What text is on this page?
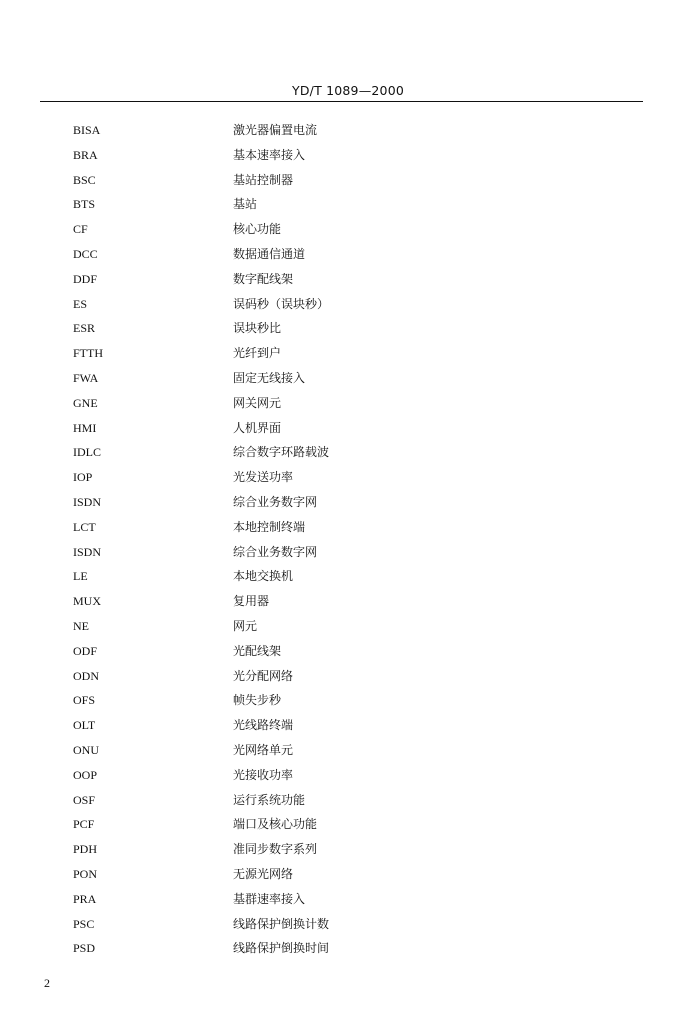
YD/T 1089—2000
BISA	激光器偏置电流
BRA	基本速率接入
BSC	基站控制器
BTS	基站
CF	核心功能
DCC	数据通信通道
DDF	数字配线架
ES	误码秒（误块秒）
ESR	误块秒比
FTTH	光纤到户
FWA	固定无线接入
GNE	网关网元
HMI	人机界面
IDLC	综合数字环路载波
IOP	光发送功率
ISDN	综合业务数字网
LCT	本地控制终端
ISDN	综合业务数字网
LE	本地交换机
MUX	复用器
NE	网元
ODF	光配线架
ODN	光分配网络
OFS	帧失步秒
OLT	光线路终端
ONU	光网络单元
OOP	光接收功率
OSF	运行系统功能
PCF	端口及核心功能
PDH	准同步数字系列
PON	无源光网络
PRA	基群速率接入
PSC	线路保护倒换计数
PSD	线路保护倒换时间
2
